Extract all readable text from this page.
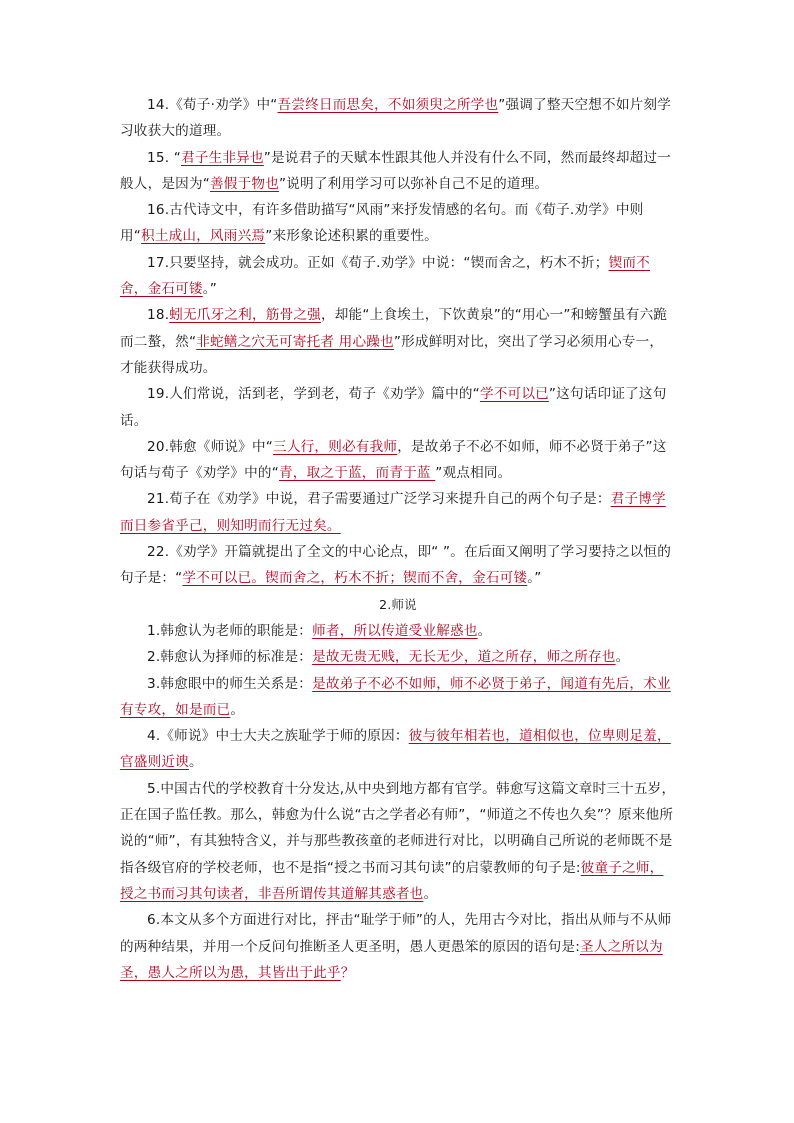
14.《荀子·劝学》中“吾尝终日而思矣，不如须臾之所学也”强调了整天空想不如片刻学习收获大的道理。

15. “君子生非异也”是说君子的天赋本性跟其他人并没有什么不同，然而最终却超过一般人，是因为“善假于物也”说明了利用学习可以弥补自己不足的道理。

16.古代诗文中，有许多借助描写“风雨”来抒发情感的名句。而《荀子.劝学》中则用“积土成山，风雨兴焉”来形象论述积累的重要性。

17.只要坚持，就会成功。正如《荀子.劝学》中说：“锲而舍之，朽木不折；锲而不舍，金石可镂。”

18.蚓无爪牙之利，筋骨之强，却能“上食埃土，下饮黄泉”的“用心一”和螃蟹虽有六跪而二螯，然“非蛇鳝之穴无可寄托者 用心躁也”形成鲜明对比，突出了学习必须用心专一，才能获得成功。

19.人们常说，活到老，学到老，荀子《劝学》篇中的“学不可以已”这句话印证了这句话。

20.韩愈《师说》中“三人行，则必有我师，是故弟子不必不如师，师不必贤于弟子”这句话与荀子《劝学》中的“青，取之于蓝，而青于蓝 ”观点相同。

21.荀子在《劝学》中说，君子需要通过广泛学习来提升自己的两个句子是：君子博学而日参省乎己，则知明而行无过矣。

22.《劝学》开篇就提出了全文的中心论点，即“ ”。在后面又阐明了学习要持之以恒的句子是：“学不可以已。锲而舍之，朽木不折；锲而不舍，金石可镂。”

2.师说

1.韩愈认为老师的职能是：师者，所以传道受业解惑也。

2.韩愈认为择师的标准是：是故无贵无贱，无长无少，道之所存，师之所存也。

3.韩愈眼中的师生关系是：是故弟子不必不如师，师不必贤于弟子，闻道有先后，术业有专攻，如是而已。

4.《师说》中士大夫之族耻学于师的原因：彼与彼年相若也，道相似也，位卑则足羞，官盛则近谀。

5.中国古代的学校教育十分发达,从中央到地方都有官学。韩愈写这篇文章时三十五岁，正在国子监任教。那么，韩愈为什么说“古之学者必有师”，“师道之不传也久矣”？原来他所说的“师”，有其独特含义，并与那些教孩童的老师进行对比，以明确自己所说的老师既不是指各级官府的学校老师，也不是指“授之书而习其句读”的启蒙教师的句子是:彼童子之师，授之书而习其句读者，非吾所谓传其道解其惑者也。

6.本文从多个方面进行对比，抨击“耻学于师”的人，先用古今对比，指出从师与不从师的两种结果，并用一个反问句推断圣人更圣明，愚人更愚笨的原因的语句是:圣人之所以为圣，愚人之所以为愚，其皆出于此乎？
